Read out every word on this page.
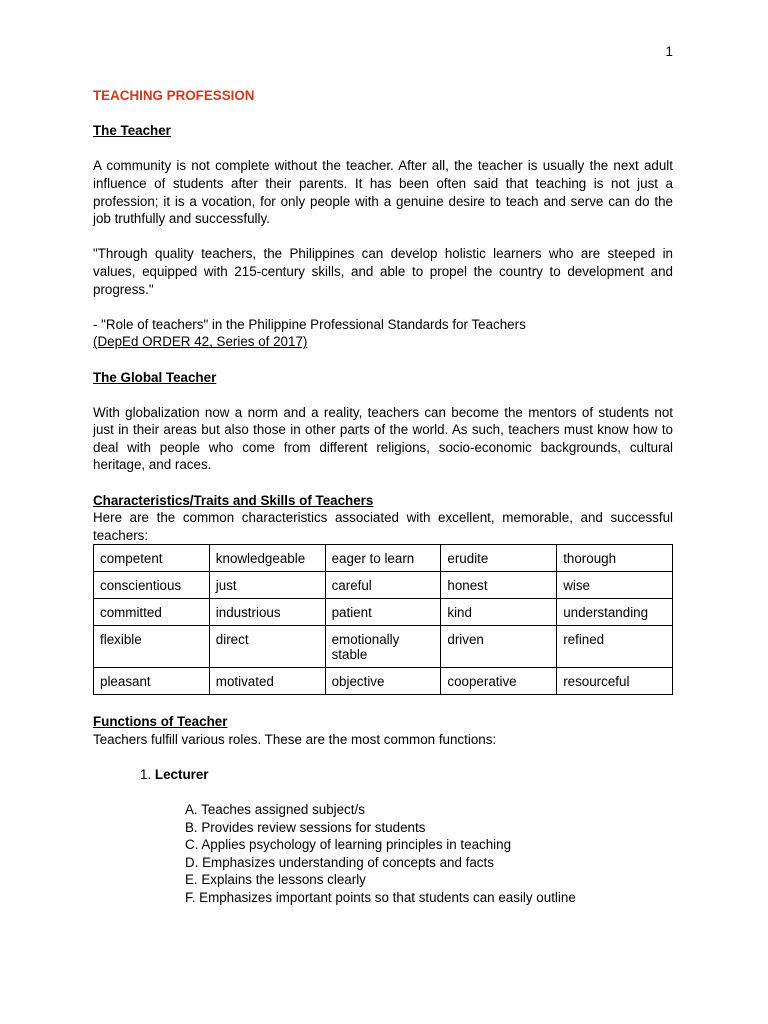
1
TEACHING PROFESSION
The Teacher

A community is not complete without the teacher. After all, the teacher is usually the next adult influence of students after their parents. It has been often said that teaching is not just a profession; it is a vocation, for only people with a genuine desire to teach and serve can do the job truthfully and successfully.

"Through quality teachers, the Philippines can develop holistic learners who are steeped in values, equipped with 215-century skills, and able to propel the country to development and progress."

- "Role of teachers" in the Philippine Professional Standards for Teachers

(DepEd ORDER 42, Series of 2017)

The Global Teacher

With globalization now a norm and a reality, teachers can become the mentors of students not just in their areas but also those in other parts of the world. As such, teachers must know how to deal with people who come from different religions, socio-economic backgrounds, cultural heritage, and races.

Characteristics/Traits and Skills of Teachers

Here are the common characteristics associated with excellent, memorable, and successful teachers:

competent	knowledgeable	eager to learn	erudite	thorough
conscientious	just	careful	honest	wise
committed	industrious	patient	kind	understanding
flexible	direct	emotionally stable	driven	refined
pleasant	motivated	objective	cooperative	resourceful
Functions of Teacher

Teachers fulfill various roles. These are the most common functions:

1. Lecturer
A. Teaches assigned subject/s
B. Provides review sessions for students
C. Applies psychology of learning principles in teaching
D. Emphasizes understanding of concepts and facts
E. Explains the lessons clearly
F. Emphasizes important points so that students can easily outline
